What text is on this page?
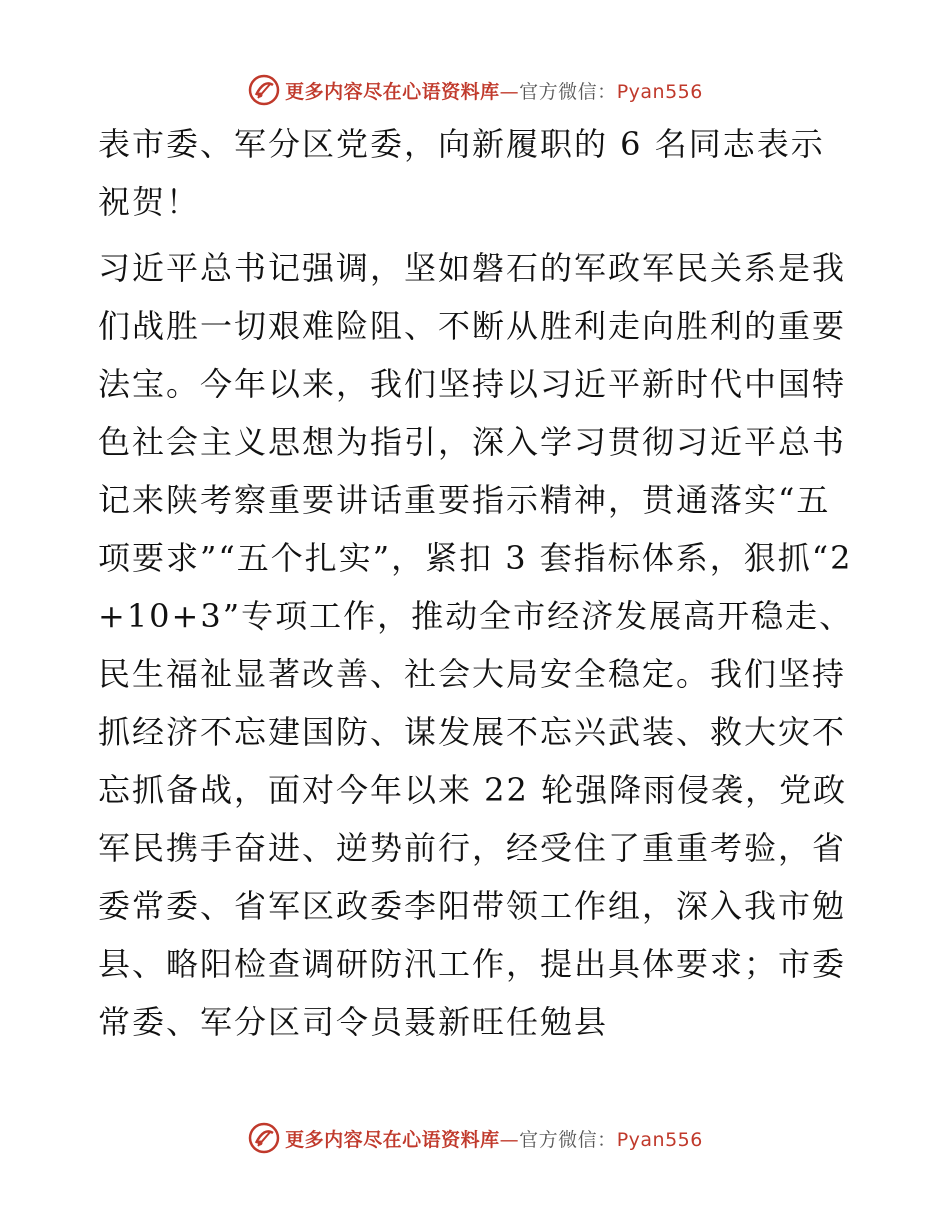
更多内容尽在心语资料库—官方微信：Pyan556

表市委、军分区党委，向新履职的 6 名同志表示祝贺！

习近平总书记强调，坚如磐石的军政军民关系是我们战胜一切艰难险阻、不断从胜利走向胜利的重要法宝。今年以来，我们坚持以习近平新时代中国特色社会主义思想为指引，深入学习贯彻习近平总书记来陕考察重要讲话重要指示精神，贯通落实“五项要求”“五个扎实”，紧扣 3 套指标体系，狠抓“2+10+3”专项工作，推动全市经济发展高开稳走、民生福祉显著改善、社会大局安全稳定。我们坚持抓经济不忘建国防、谋发展不忘兴武装、救大灾不忘抓备战，面对今年以来 22 轮强降雨侵袭，党政军民携手奋进、逆势前行，经受住了重重考验，省委常委、省军区政委李阳带领工作组，深入我市勉县、略阳检查调研防汛工作，提出具体要求；市委常委、军分区司令员聂新旺任勉县

更多内容尽在心语资料库—官方微信：Pyan556
